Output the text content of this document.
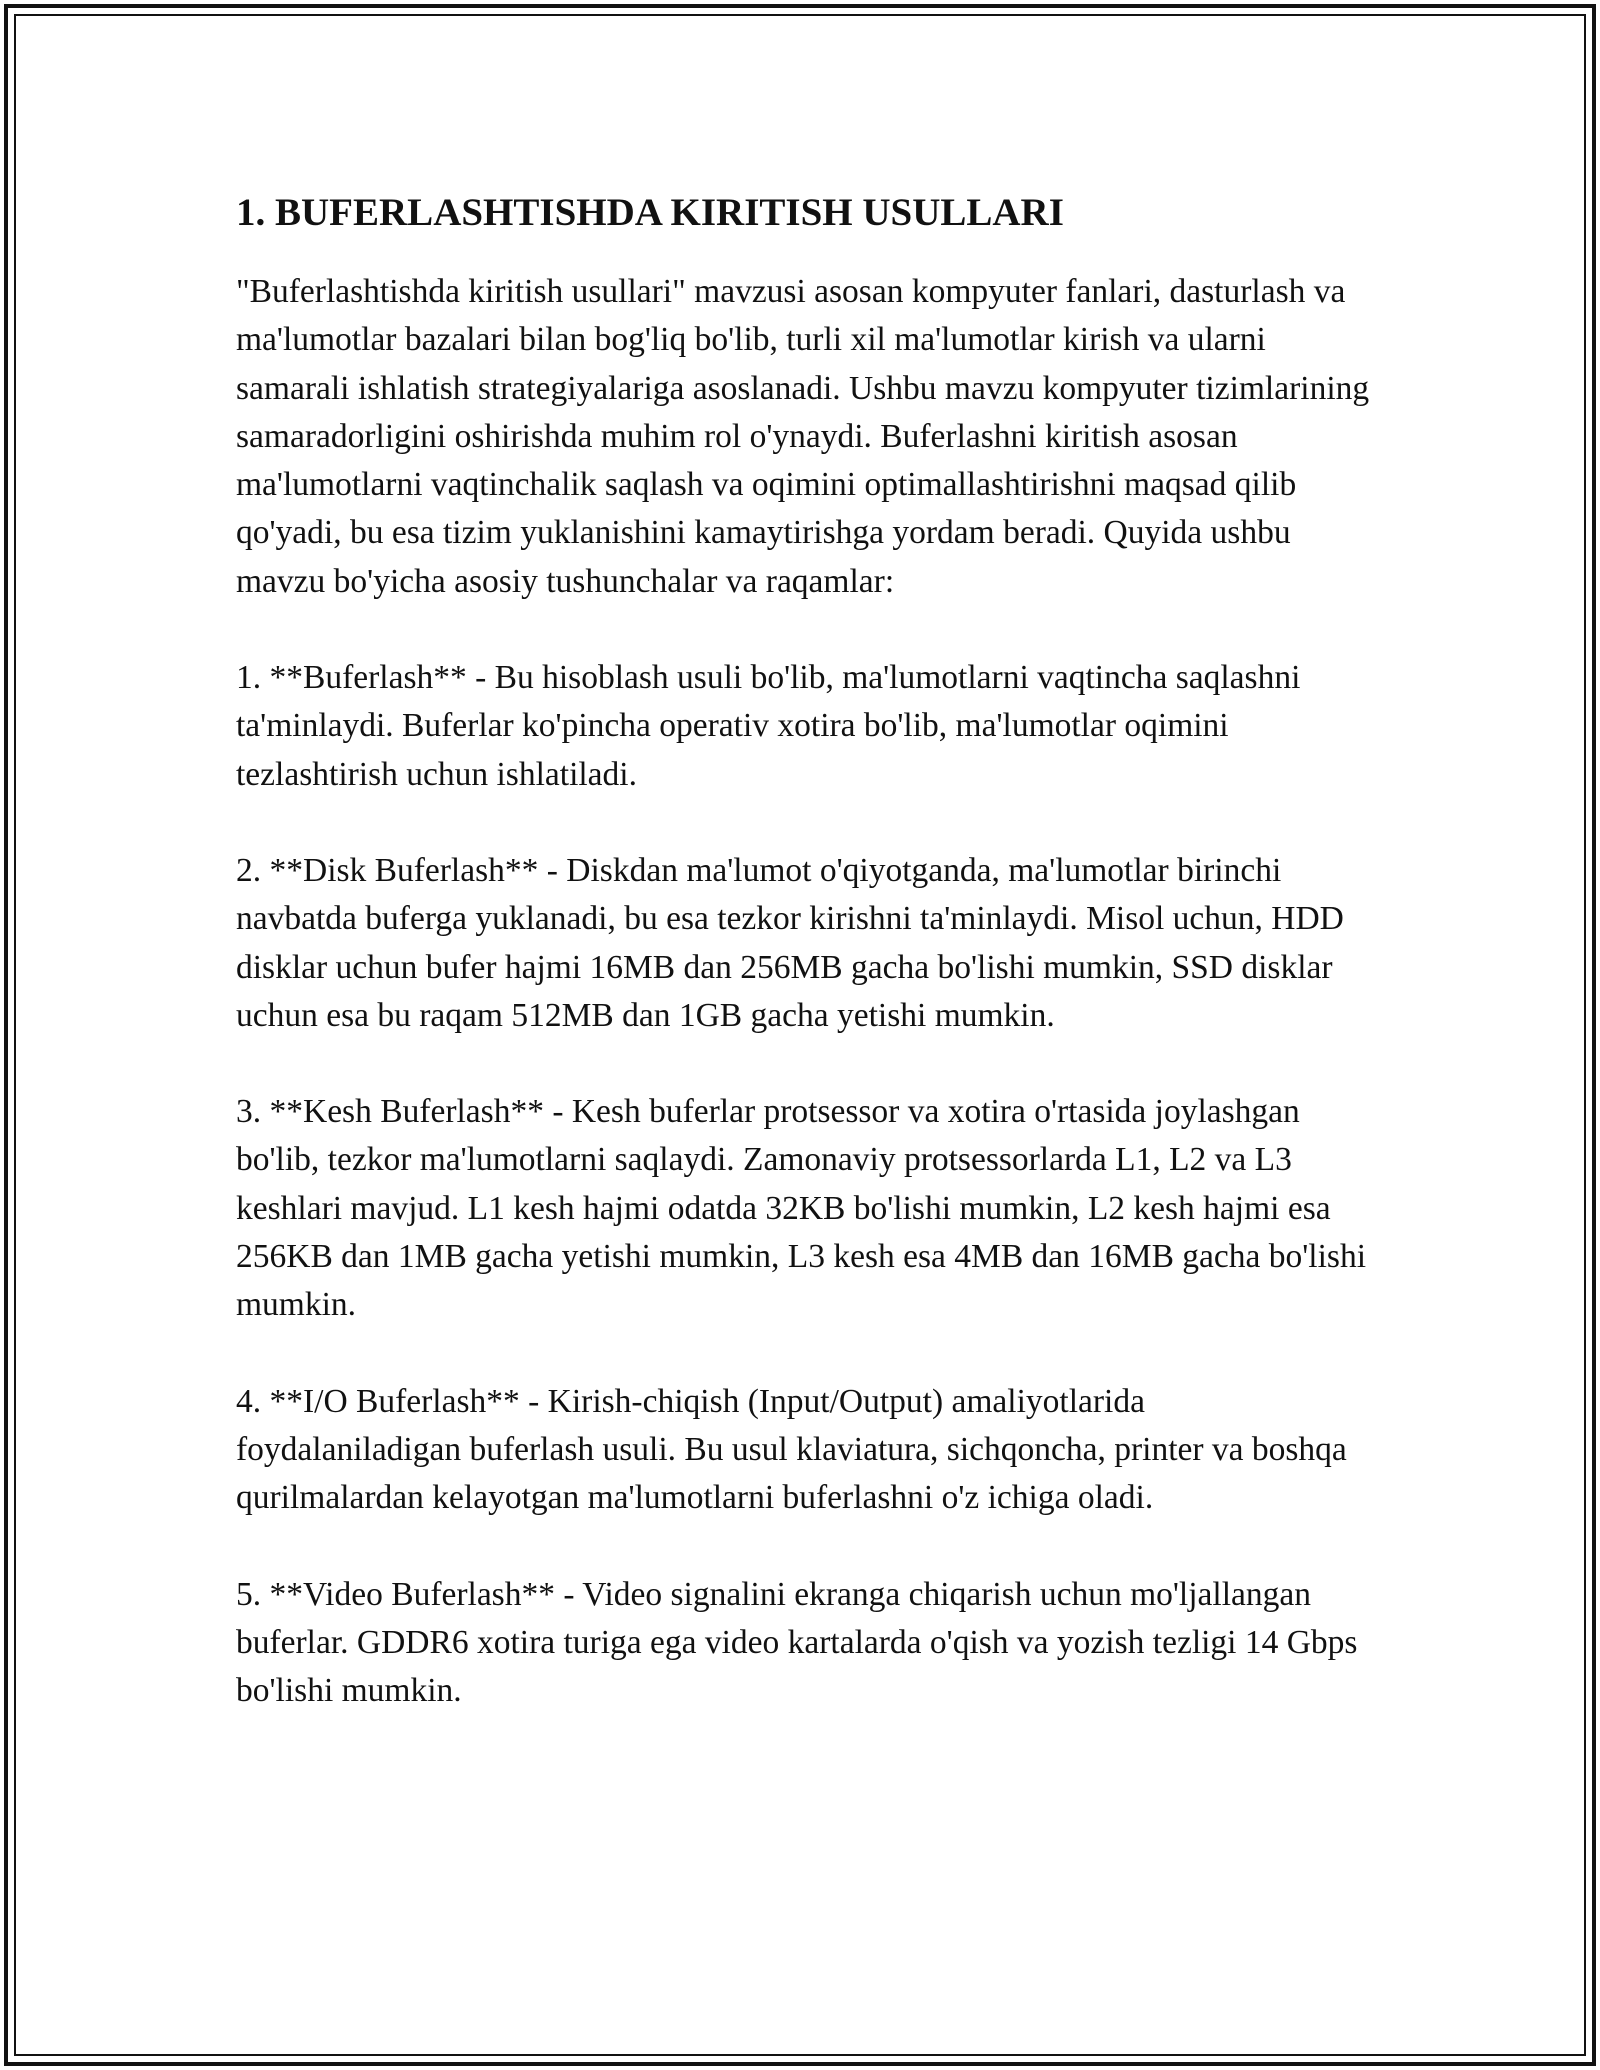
1. BUFERLASHTISHDA KIRITISH USULLARI

"Buferlashtishda kiritish usullari" mavzusi asosan kompyuter fanlari, dasturlash va ma'lumotlar bazalari bilan bog'liq bo'lib, turli xil ma'lumotlar kirish va ularni samarali ishlatish strategiyalariga asoslanadi. Ushbu mavzu kompyuter tizimlarining samaradorligini oshirishda muhim rol o'ynaydi. Buferlashni kiritish asosan ma'lumotlarni vaqtinchalik saqlash va oqimini optimallashtirishni maqsad qilib qo'yadi, bu esa tizim yuklanishini kamaytirishga yordam beradi. Quyida ushbu mavzu bo'yicha asosiy tushunchalar va raqamlar:

1. **Buferlash** - Bu hisoblash usuli bo'lib, ma'lumotlarni vaqtincha saqlashni ta'minlaydi. Buferlar ko'pincha operativ xotira bo'lib, ma'lumotlar oqimini tezlashtirish uchun ishlatiladi.

2. **Disk Buferlash** - Diskdan ma'lumot o'qiyotganda, ma'lumotlar birinchi navbatda buferga yuklanadi, bu esa tezkor kirishni ta'minlaydi. Misol uchun, HDD disklar uchun bufer hajmi 16MB dan 256MB gacha bo'lishi mumkin, SSD disklar uchun esa bu raqam 512MB dan 1GB gacha yetishi mumkin.

3. **Kesh Buferlash** - Kesh buferlar protsessor va xotira o'rtasida joylashgan bo'lib, tezkor ma'lumotlarni saqlaydi. Zamonaviy protsessorlarda L1, L2 va L3 keshlari mavjud. L1 kesh hajmi odatda 32KB bo'lishi mumkin, L2 kesh hajmi esa 256KB dan 1MB gacha yetishi mumkin, L3 kesh esa 4MB dan 16MB gacha bo'lishi mumkin.

4. **I/O Buferlash** - Kirish-chiqish (Input/Output) amaliyotlarida foydalaniladigan buferlash usuli. Bu usul klaviatura, sichqoncha, printer va boshqa qurilmalardan kelayotgan ma'lumotlarni buferlashni o'z ichiga oladi.

5. **Video Buferlash** - Video signalini ekranga chiqarish uchun mo'ljallangan buferlar. GDDR6 xotira turiga ega video kartalarda o'qish va yozish tezligi 14 Gbps bo'lishi mumkin.
